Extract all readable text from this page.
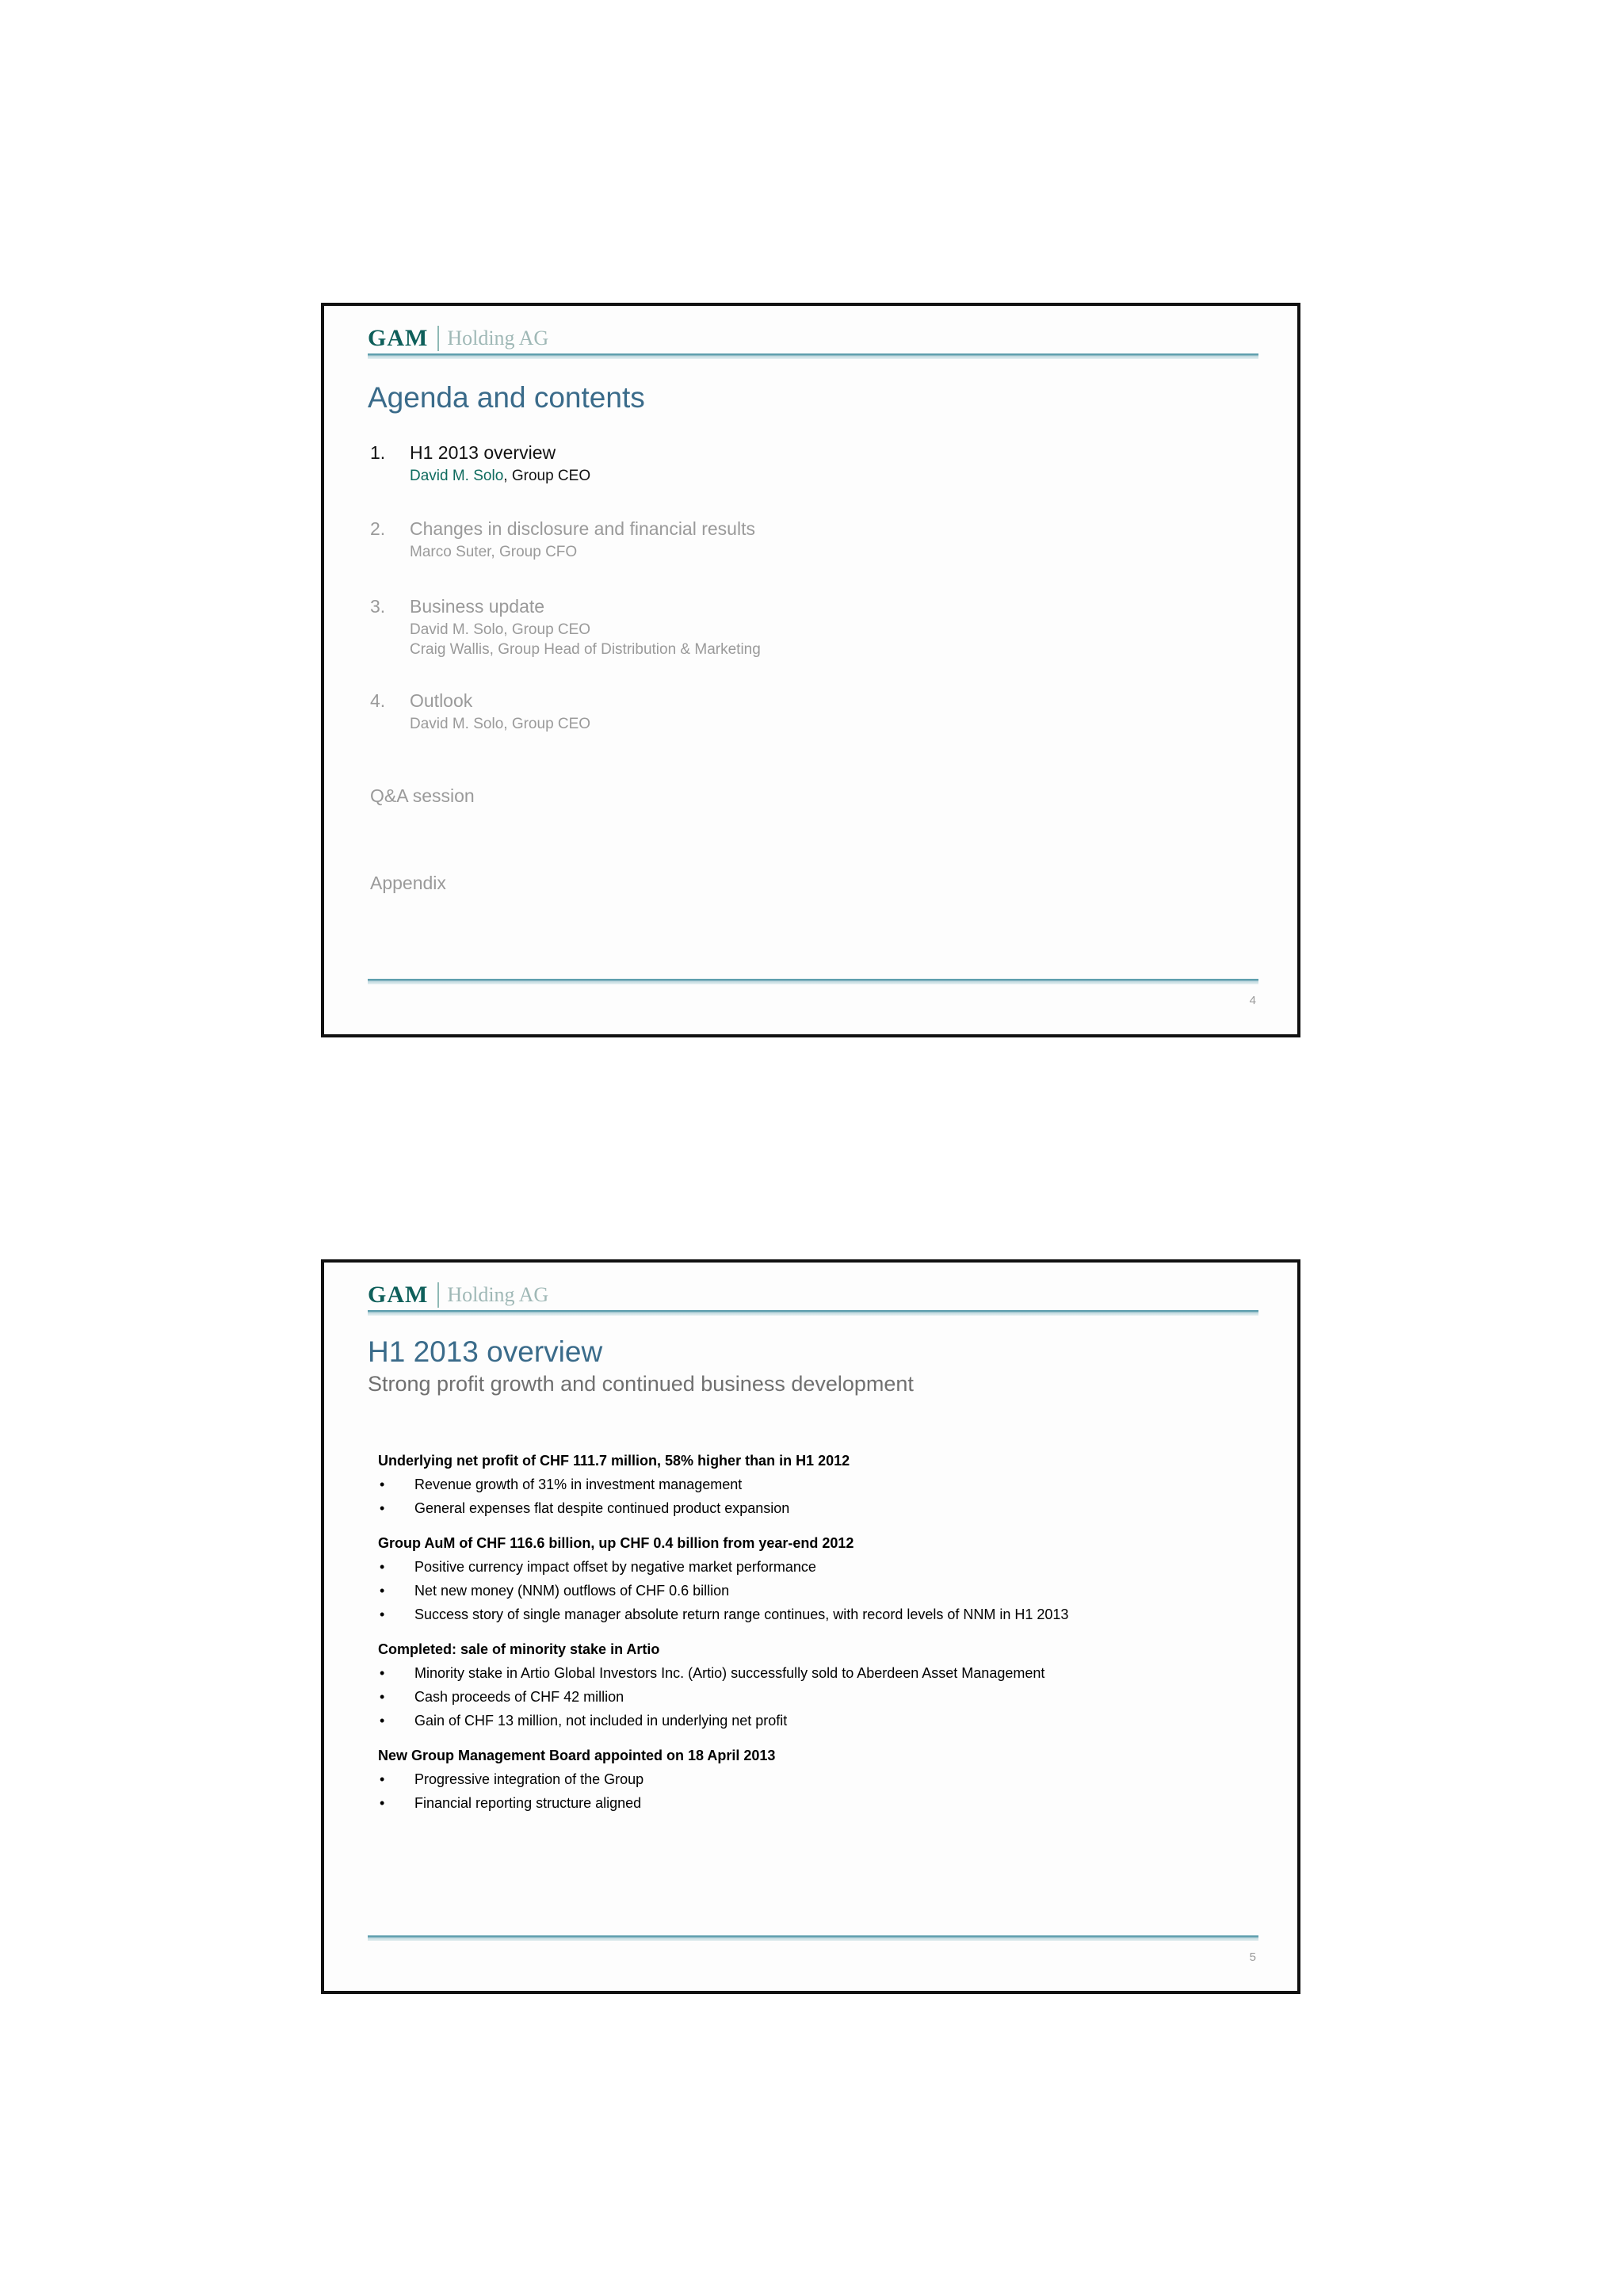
GAM Holding AG
Agenda and contents
1. H1 2013 overview
David M. Solo, Group CEO
2. Changes in disclosure and financial results
Marco Suter, Group CFO
3. Business update
David M. Solo, Group CEO
Craig Wallis, Group Head of Distribution & Marketing
4. Outlook
David M. Solo, Group CEO
Q&A session
Appendix
4
GAM Holding AG
H1 2013 overview
Strong profit growth and continued business development
Underlying net profit of CHF 111.7 million, 58% higher than in H1 2012
• Revenue growth of 31% in investment management
• General expenses flat despite continued product expansion
Group AuM of CHF 116.6 billion, up CHF 0.4 billion from year-end 2012
• Positive currency impact offset by negative market performance
• Net new money (NNM) outflows of CHF 0.6 billion
• Success story of single manager absolute return range continues, with record levels of NNM in H1 2013
Completed: sale of minority stake in Artio
• Minority stake in Artio Global Investors Inc. (Artio) successfully sold to Aberdeen Asset Management
• Cash proceeds of CHF 42 million
• Gain of CHF 13 million, not included in underlying net profit
New Group Management Board appointed on 18 April 2013
• Progressive integration of the Group
• Financial reporting structure aligned
5
